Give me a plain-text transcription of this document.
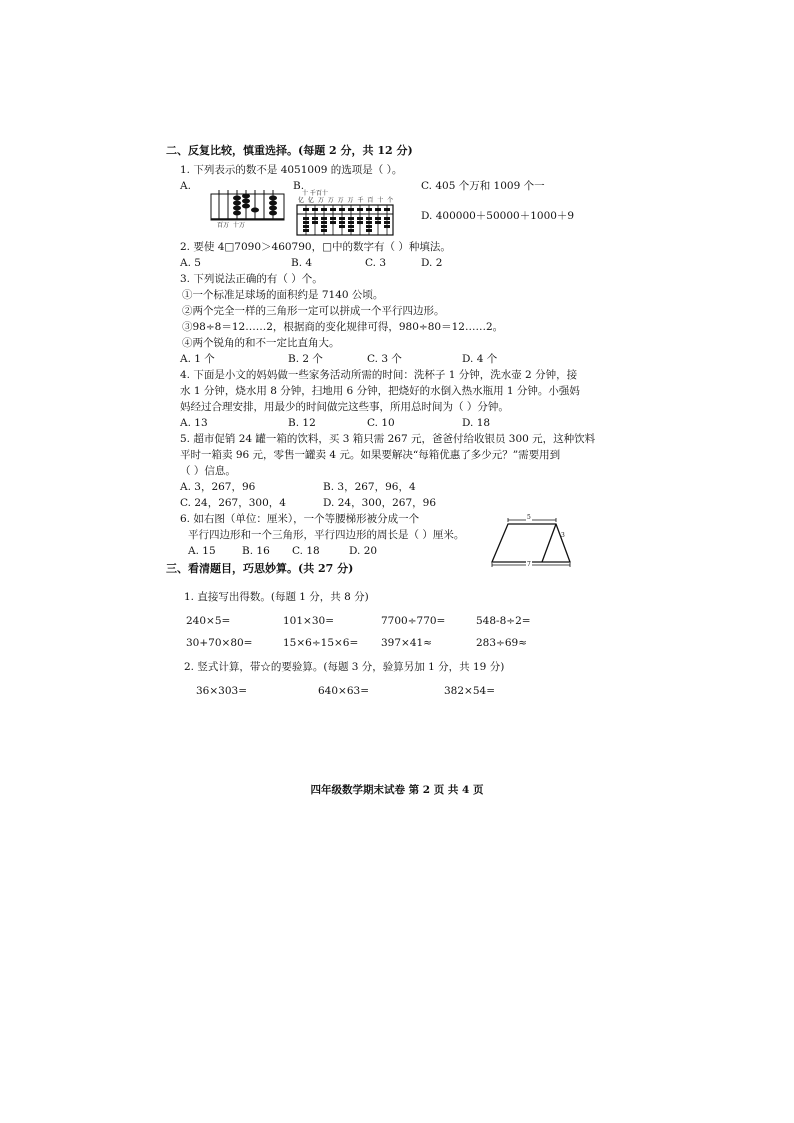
二、反复比较，慎重选择。(每题 2 分，共 12 分)
1. 下列表示的数不是 4051009 的选项是（ ）。
A.	B.	C. 405 个万和 1009 个一
D. 400000＋50000＋1000＋9
百万 十万
十 千百十
亿 亿 万 万 万 万 千 百 十 个
2. 要使 4□7090＞460790，□中的数字有（ ）种填法。
A. 5	B. 4	C. 3	D. 2
3. 下列说法正确的有（ ）个。
①一个标准足球场的面积约是 7140 公顷。
②两个完全一样的三角形一定可以拼成一个平行四边形。
③98÷8＝12……2，根据商的变化规律可得，980÷80＝12……2。
④两个锐角的和不一定比直角大。
A. 1 个	B. 2 个	C. 3 个	D. 4 个
4. 下面是小文的妈妈做一些家务活动所需的时间：洗杯子 1 分钟，洗水壶 2 分钟，接
水 1 分钟，烧水用 8 分钟，扫地用 6 分钟，把烧好的水倒入热水瓶用 1 分钟。小强妈
妈经过合理安排，用最少的时间做完这些事，所用总时间为（ ）分钟。
A. 13	B. 12	C. 10	D. 18
5. 超市促销 24 罐一箱的饮料，买 3 箱只需 267 元，爸爸付给收银员 300 元，这种饮料
平时一箱卖 96 元，零售一罐卖 4 元。如果要解决“每箱优惠了多少元？”需要用到
（ ）信息。
A. 3，267，96	B. 3，267，96，4
C. 24，267，300，4	D. 24，300，267，96
6. 如右图（单位：厘米），一个等腰梯形被分成一个
平行四边形和一个三角形，平行四边形的周长是（ ）厘米。
A. 15	B. 16 C. 18	D. 20
5
3
7
三、看清题目，巧思妙算。(共 27 分)
1. 直接写出得数。(每题 1 分，共 8 分)
240×5=	101×30=	7700÷770=	548-8÷2=
30+70×80=	15×6÷15×6= 397×41≈	283÷69≈
2. 竖式计算，带☆的要验算。(每题 3 分，验算另加 1 分，共 19 分)
36×303=	640×63=	382×54=
四年级数学期末试卷 第 2 页 共 4 页
